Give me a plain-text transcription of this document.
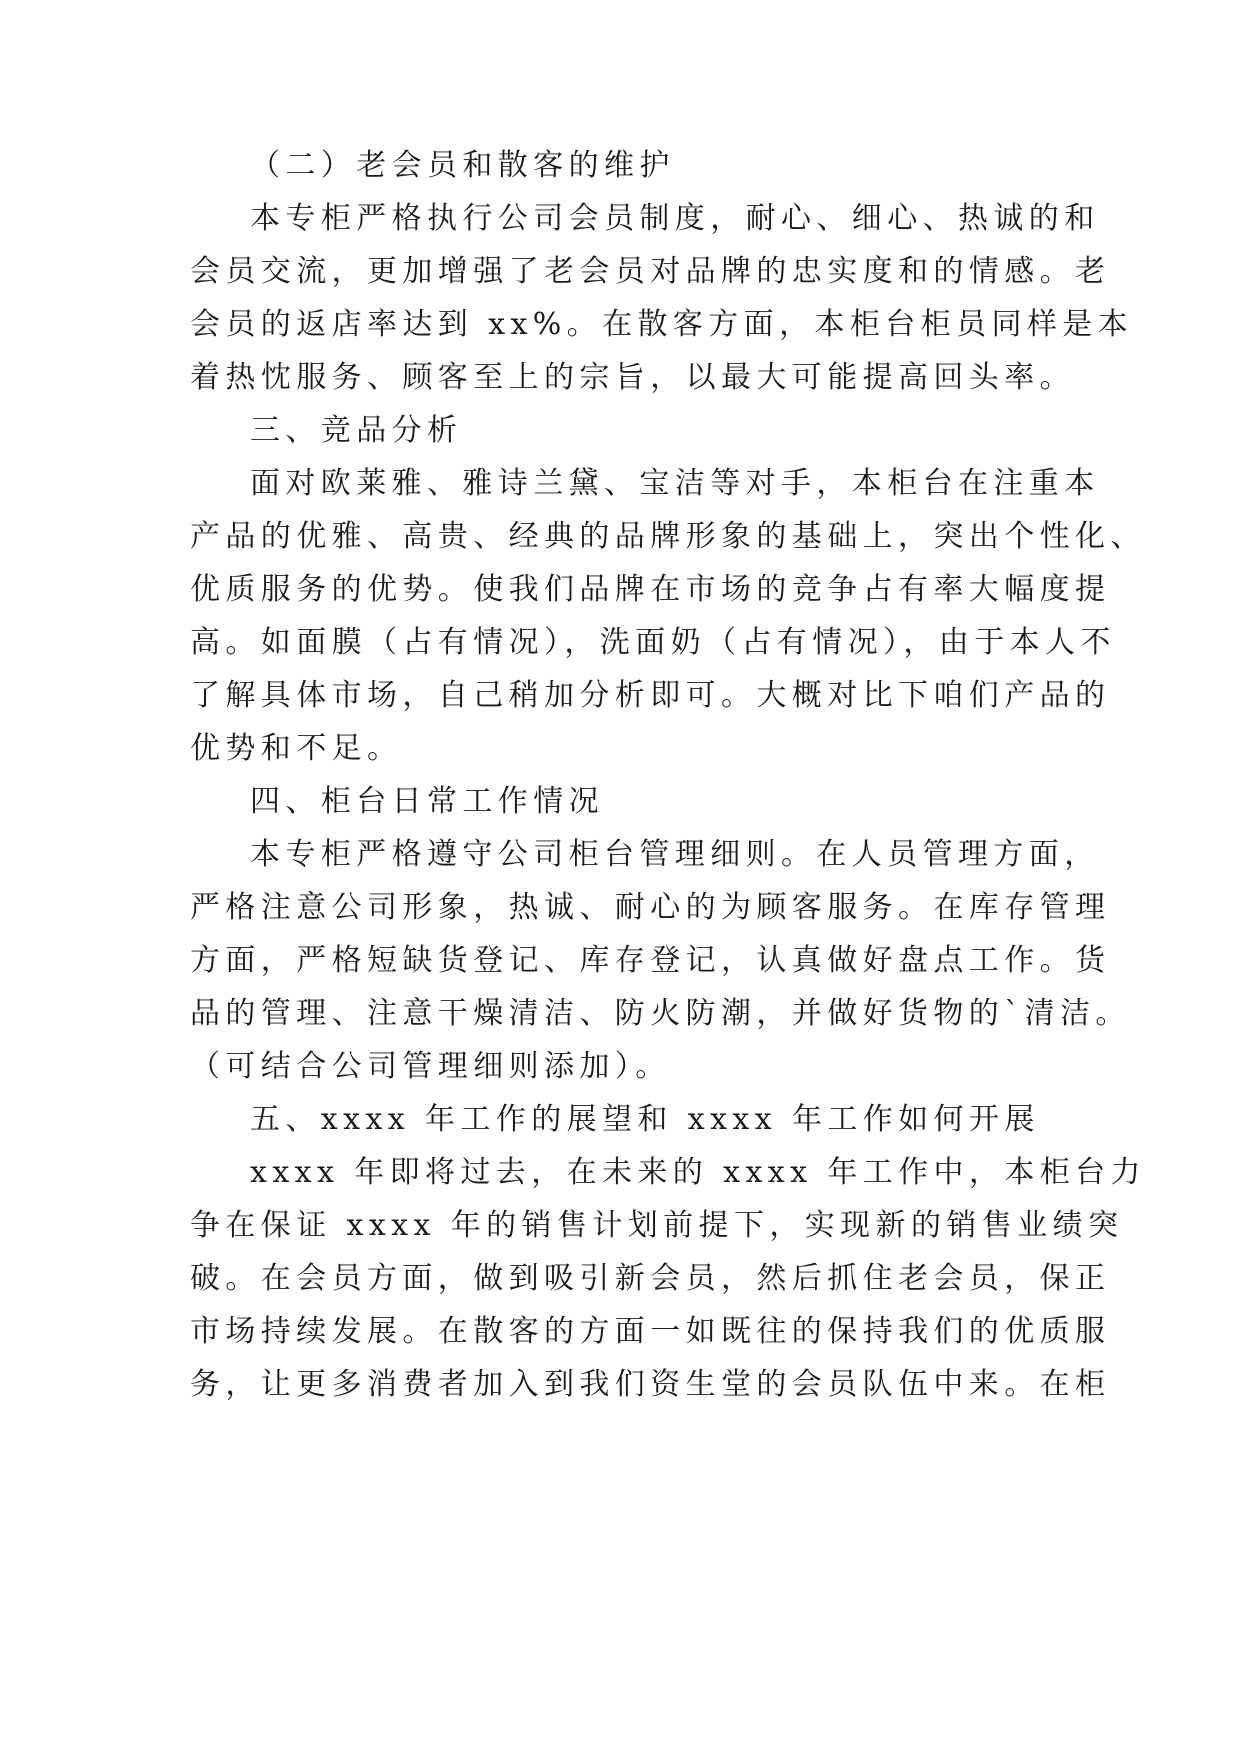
（二）老会员和散客的维护
本专柜严格执行公司会员制度，耐心、细心、热诚的和
会员交流，更加增强了老会员对品牌的忠实度和的情感。老
会员的返店率达到 xx%。在散客方面，本柜台柜员同样是本
着热忱服务、顾客至上的宗旨，以最大可能提高回头率。
三、竞品分析
面对欧莱雅、雅诗兰黛、宝洁等对手，本柜台在注重本
产品的优雅、高贵、经典的品牌形象的基础上，突出个性化、
优质服务的优势。使我们品牌在市场的竞争占有率大幅度提
高。如面膜（占有情况），洗面奶（占有情况），由于本人不
了解具体市场，自己稍加分析即可。大概对比下咱们产品的
优势和不足。
四、柜台日常工作情况
本专柜严格遵守公司柜台管理细则。在人员管理方面，
严格注意公司形象，热诚、耐心的为顾客服务。在库存管理
方面，严格短缺货登记、库存登记，认真做好盘点工作。货
品的管理、注意干燥清洁、防火防潮，并做好货物的`清洁。
（可结合公司管理细则添加）。
五、xxxx 年工作的展望和 xxxx 年工作如何开展
xxxx 年即将过去，在未来的 xxxx 年工作中，本柜台力
争在保证 xxxx 年的销售计划前提下，实现新的销售业绩突
破。在会员方面，做到吸引新会员，然后抓住老会员，保正
市场持续发展。在散客的方面一如既往的保持我们的优质服
务，让更多消费者加入到我们资生堂的会员队伍中来。在柜
